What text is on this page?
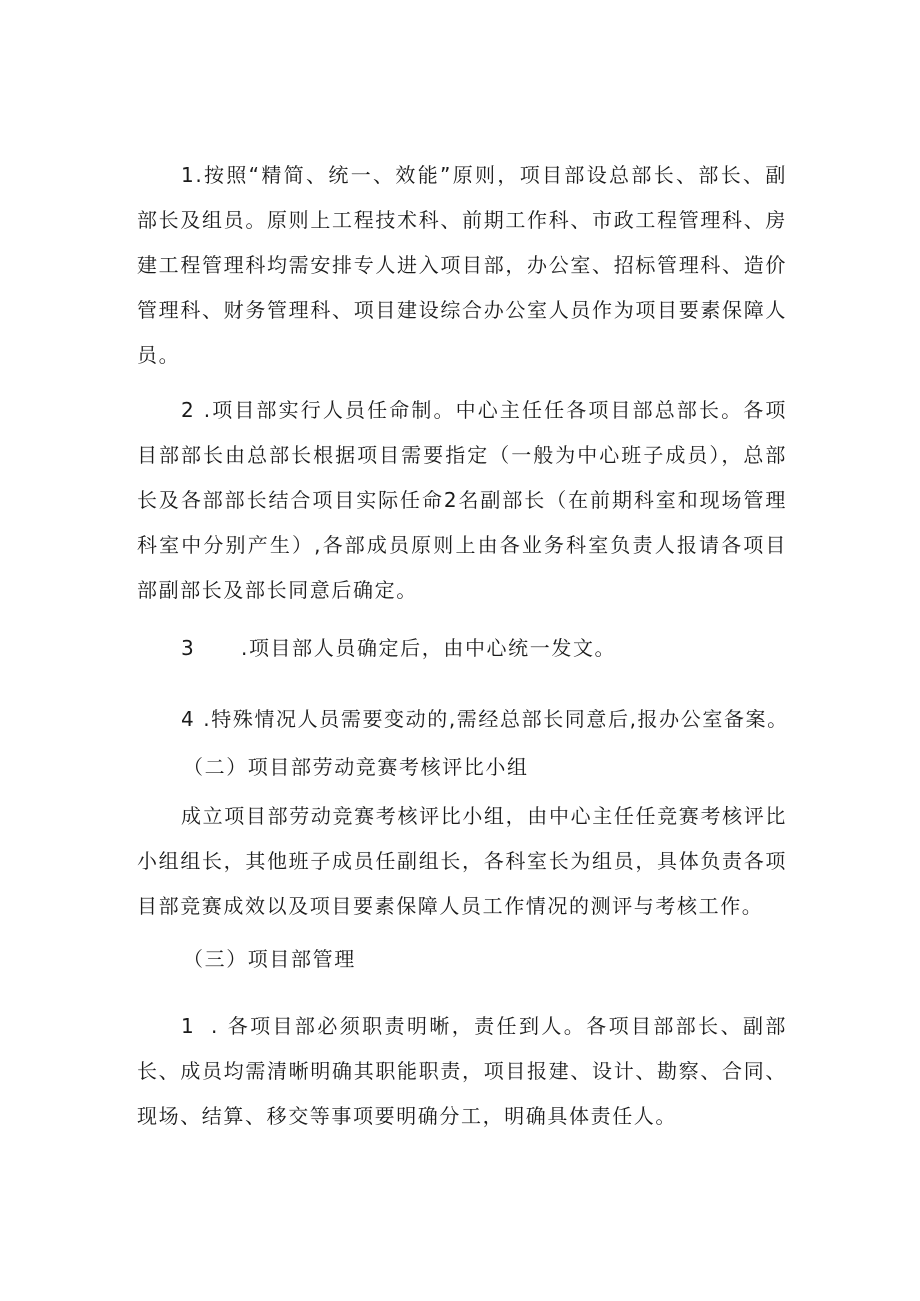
1.按照“精简、统一、效能”原则，项目部设总部长、部长、副部长及组员。原则上工程技术科、前期工作科、市政工程管理科、房建工程管理科均需安排专人进入项目部，办公室、招标管理科、造价管理科、财务管理科、项目建设综合办公室人员作为项目要素保障人员。

2 .项目部实行人员任命制。中心主任任各项目部总部长。各项目部部长由总部长根据项目需要指定（一般为中心班子成员），总部长及各部部长结合项目实际任命2名副部长（在前期科室和现场管理科室中分别产生）,各部成员原则上由各业务科室负责人报请各项目部副部长及部长同意后确定。

3 .项目部人员确定后，由中心统一发文。

4 .特殊情况人员需要变动的,需经总部长同意后,报办公室备案。

（二）项目部劳动竞赛考核评比小组

成立项目部劳动竞赛考核评比小组，由中心主任任竞赛考核评比小组组长，其他班子成员任副组长，各科室长为组员，具体负责各项目部竞赛成效以及项目要素保障人员工作情况的测评与考核工作。

（三）项目部管理

1 . 各项目部必须职责明晰，责任到人。各项目部部长、副部长、成员均需清晰明确其职能职责，项目报建、设计、勘察、合同、现场、结算、移交等事项要明确分工，明确具体责任人。
